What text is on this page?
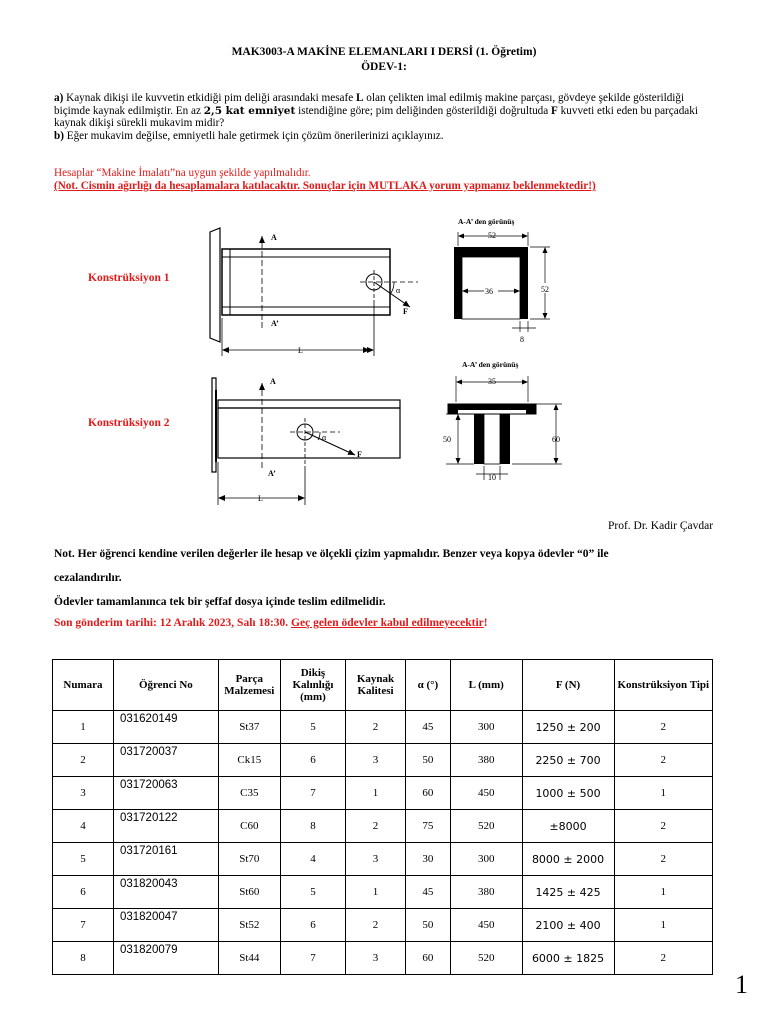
MAK3003-A MAKİNE ELEMANLARI I DERSİ (1. Öğretim)
ÖDEV-1:
a) Kaynak dikişi ile kuvvetin etkidiği pim deliği arasındaki mesafe L olan çelikten imal edilmiş makine parçası, gövdeye şekilde gösterildiği biçimde kaynak edilmiştir. En az 2,5 kat emniyet istendiğine göre; pim deliğinden gösterildiği doğrultuda F kuvveti etki eden bu parçadaki kaynak dikişi sürekli mukavim midir?
b) Eğer mukavim değilse, emniyetli hale getirmek için çözüm önerilerinizi açıklayınız.
Hesaplar “Makine İmalatı”na uygun şekilde yapılmalıdır.
(Not. Cismin ağırlığı da hesaplamalara katılacaktır. Sonuçlar için MUTLAKA yorum yapmanız beklenmektedir!)
Konstrüksiyon 1
Konstrüksiyon 2
A
A’
α
F
L
A-A’ den görünüş
52
36	52
8
A
A’
α
F
L
A-A’ den görünüş
35
50	60
10
Prof. Dr. Kadir Çavdar
Not. Her öğrenci kendine verilen değerler ile hesap ve ölçekli çizim yapmalıdır. Benzer veya kopya ödevler “0” ile
cezalandırılır.
Ödevler tamamlanınca tek bir şeffaf dosya içinde teslim edilmelidir.
Son gönderim tarihi: 12 Aralık 2023, Salı 18:30. Geç gelen ödevler kabul edilmeyecektir!
Numara	Öğrenci No	Parça Malzemesi	Dikiş Kalınlığı (mm)	Kaynak Kalitesi	α (°)	L (mm)	F (N)	Konstrüksiyon Tipi
1	031620149	St37	5	2	45	300	1250 ± 200	2
2	031720037	Ck15	6	3	50	380	2250 ± 700	2
3	031720063	C35	7	1	60	450	1000 ± 500	1
4	031720122	C60	8	2	75	520	±8000	2
5	031720161	St70	4	3	30	300	8000 ± 2000	2
6	031820043	St60	5	1	45	380	1425 ± 425	1
7	031820047	St52	6	2	50	450	2100 ± 400	1
8	031820079	St44	7	3	60	520	6000 ± 1825	2
1
